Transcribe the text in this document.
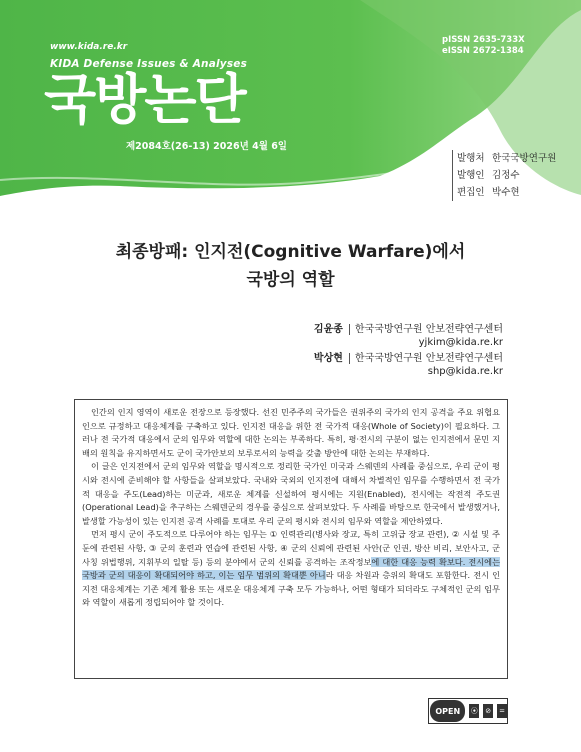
www.kida.re.kr
KIDA Defense Issues & Analyses
국방논단
제2084호(26-13) 2026년 4월 6일
pISSN 2635-733X
eISSN 2672-1384
발행처 한국국방연구원
발행인 김정수
편집인 박수현
최종방패: 인지전(Cognitive Warfare)에서
국방의 역할
김윤종 한국국방연구원 안보전략연구센터
yjkim@kida.re.kr
박상현 한국국방연구원 안보전략연구센터
shp@kida.re.kr

인간의 인지 영역이 새로운 전장으로 등장했다. 선진 민주주의 국가들은 권위주의 국가의 인지 공격을 주요 위협요인으로 규정하고 대응체계를 구축하고 있다. 인지전 대응을 위한 전 국가적 대응(Whole of Society)이 필요하다. 그러나 전 국가적 대응에서 군의 임무와 역할에 대한 논의는 부족하다. 특히, 평·전시의 구분이 없는 인지전에서 문민 지배의 원칙을 유지하면서도 군이 국가안보의 보루로서의 능력을 갖출 방안에 대한 논의는 부재하다.

이 글은 인지전에서 군의 임무와 역할을 명시적으로 정리한 국가인 미국과 스웨덴의 사례를 중심으로, 우리 군이 평시와 전시에 준비해야 할 사항들을 살펴보았다. 국내와 국외의 인지전에 대해서 차별적인 임무를 수행하면서 전 국가적 대응을 주도(Lead)하는 미군과, 새로운 체계를 신설하여 평시에는 지원(Enabled), 전시에는 작전적 주도권(Operational Lead)을 추구하는 스웨덴군의 경우를 중심으로 살펴보았다. 두 사례를 바탕으로 한국에서 발생했거나, 발생할 가능성이 있는 인지전 공격 사례를 토대로 우리 군의 평시와 전시의 임무와 역할을 제안하였다.

먼저 평시 군이 주도적으로 다루어야 하는 임무는 ① 인력관리(병사와 장교, 특히 고위급 장교 관련), ② 시설 및 주둔에 관련된 사항, ③ 군의 훈련과 연습에 관련된 사항, ④ 군의 신뢰에 관련된 사안(군 인권, 방산 비리, 보안사고, 군 사칭 위법행위, 지휘부의 일탈 등) 등의 분야에서 군의 신뢰를 공격하는 조작정보에 대한 대응 능력 확보다. 전시에는 국방과 군의 대응이 확대되어야 하고, 이는 임무 범위의 확대뿐 아니라 대응 차원과 층위의 확대도 포함한다. 전시 인지전 대응체계는 기존 체계 활용 또는 새로운 대응체계 구축 모두 가능하나, 어떤 형태가 되더라도 구체적인 군의 임무와 역할이 새롭게 정립되어야 할 것이다.

OPEN	⦿ ⊘ =
